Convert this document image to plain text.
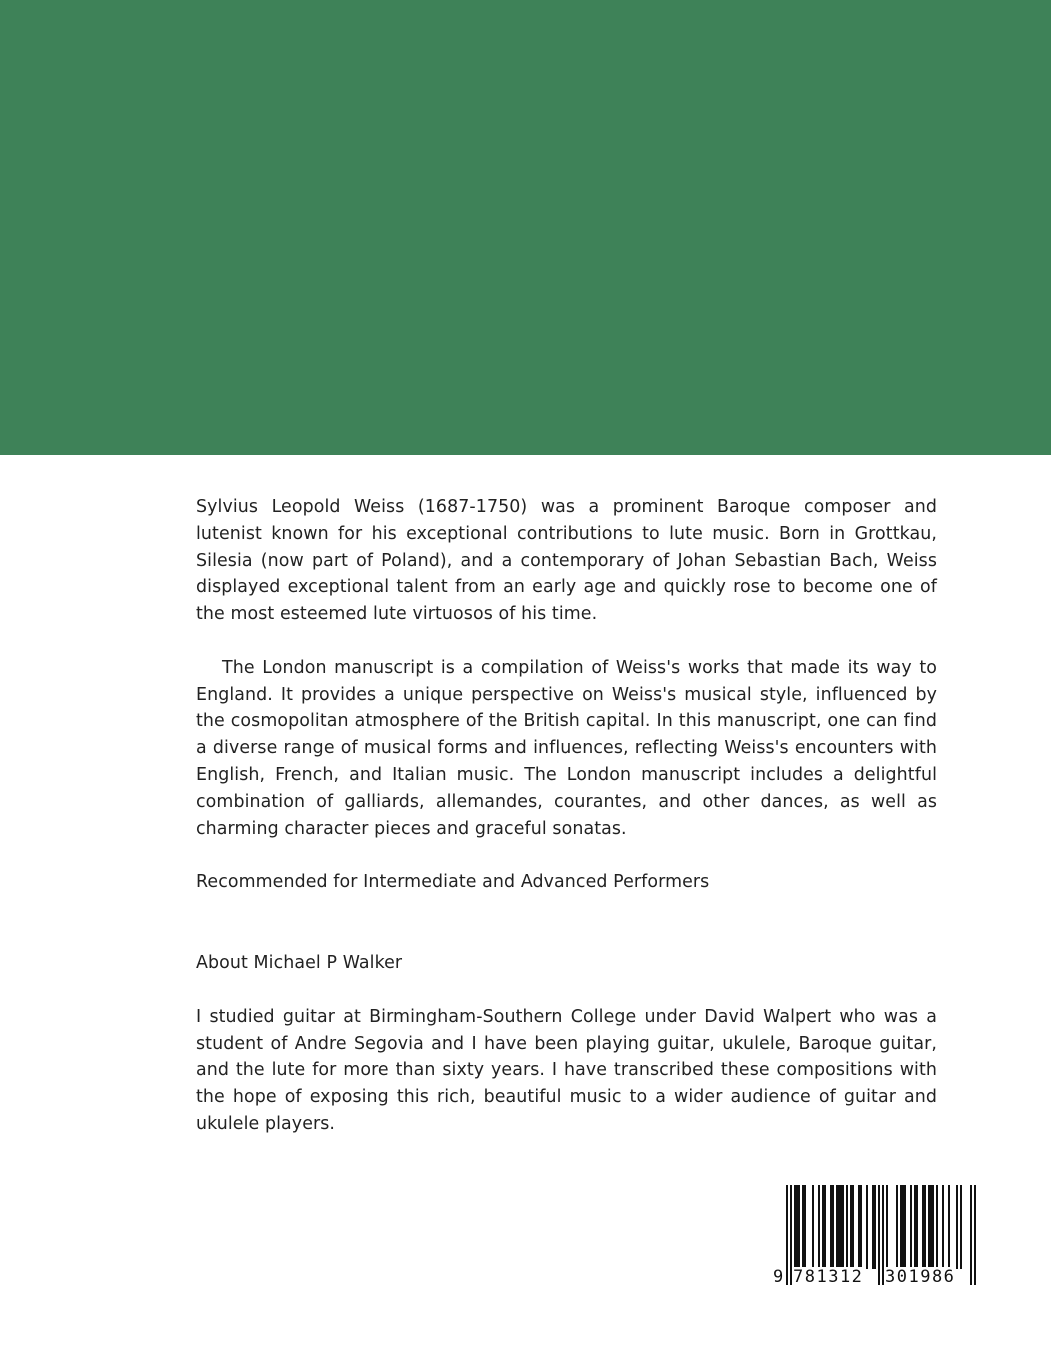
Sylvius Leopold Weiss (1687-1750) was a prominent Baroque composer and lutenist known for his exceptional contributions to lute music. Born in Grottkau, Silesia (now part of Poland), and a contemporary of Johan Sebastian Bach, Weiss displayed exceptional talent from an early age and quickly rose to become one of the most esteemed lute virtuosos of his time.

The London manuscript is a compilation of Weiss's works that made its way to England. It provides a unique perspective on Weiss's musical style, influenced by the cosmopolitan atmosphere of the British capital. In this manuscript, one can find a diverse range of musical forms and influences, reflecting Weiss's encounters with English, French, and Italian music. The London manuscript includes a delightful combination of galliards, allemandes, courantes, and other dances, as well as charming character pieces and graceful sonatas.

Recommended for Intermediate and Advanced Performers

About Michael P Walker

I studied guitar at Birmingham-Southern College under David Walpert who was a student of Andre Segovia and I have been playing guitar, ukulele, Baroque guitar, and the lute for more than sixty years. I have transcribed these compositions with the hope of exposing this rich, beautiful music to a wider audience of guitar and ukulele players.

9 781312 301986
